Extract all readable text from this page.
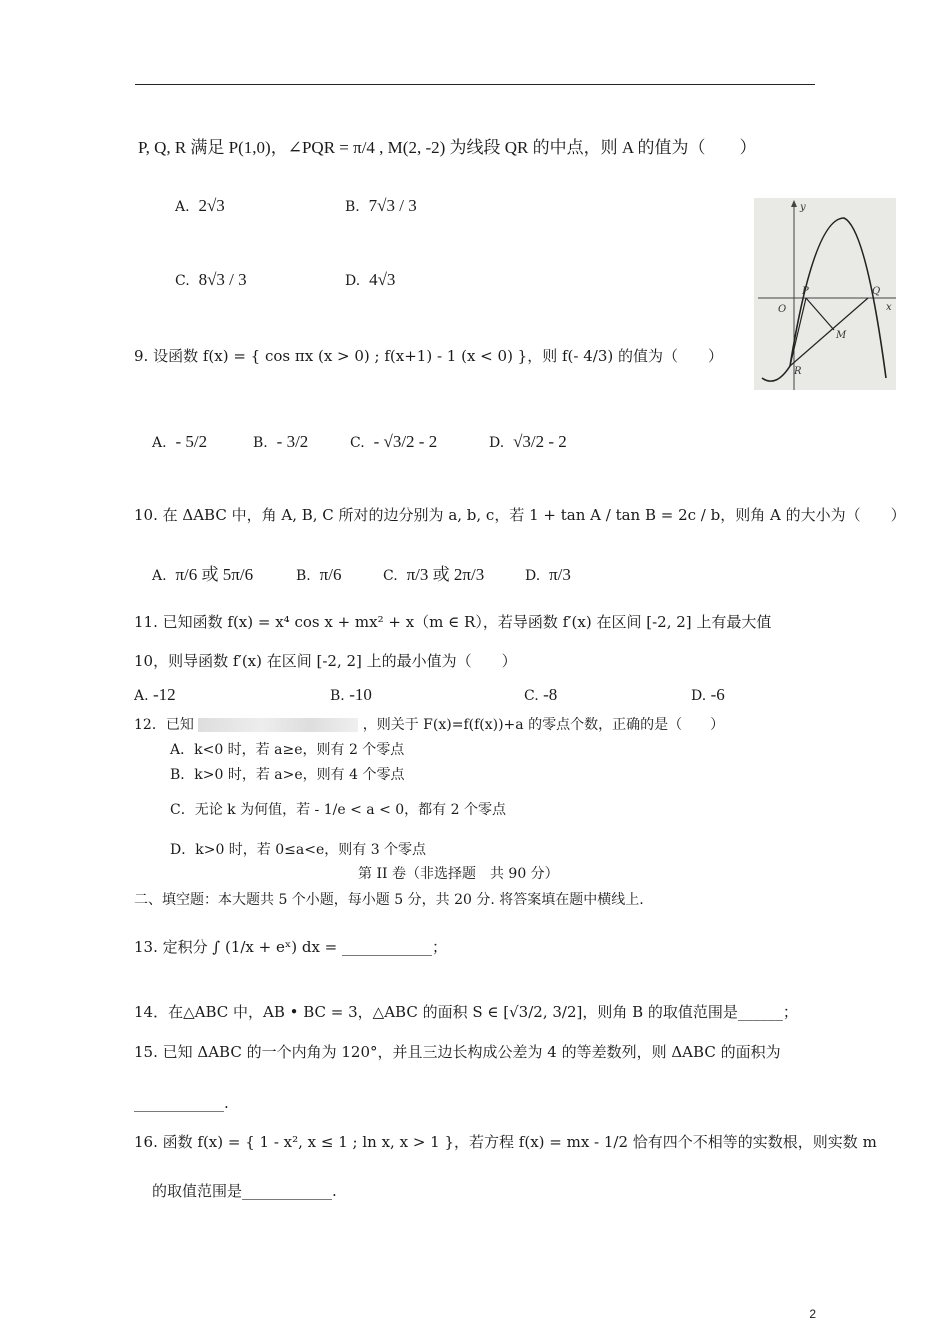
P, Q, R 满足 P(1,0)，∠PQR = π/4 , M(2, -2) 为线段 QR 的中点，则 A 的值为（　　）
A. 2√3	B. 7√3 / 3
C. 8√3 / 3	D. 4√3
y
P
O
Q
x
M
R
9. 设函数 f(x) = { cos πx (x > 0) ; f(x+1) - 1 (x < 0) }，则 f(- 4/3) 的值为（　　）
A. - 5/2	B. - 3/2	C. - √3/2 - 2	D. √3/2 - 2
10. 在 ΔABC 中，角 A, B, C 所对的边分别为 a, b, c，若 1 + tan A / tan B = 2c / b，则角 A 的大小为（　　）
A. π/6 或 5π/6	B. π/6	C. π/3 或 2π/3	D. π/3
11. 已知函数 f(x) = x⁴ cos x + mx² + x（m ∈ R），若导函数 f′(x) 在区间 [-2, 2] 上有最大值
10，则导函数 f′(x) 在区间 [-2, 2] 上的最小值为（　　）
A. -12	B. -10	C. -8	D. -6
12．已知	，则关于 F(x)=f(f(x))+a 的零点个数，正确的是（　　）
A．k<0 时，若 a≥e，则有 2 个零点
B．k>0 时，若 a>e，则有 4 个零点
C．无论 k 为何值，若 - 1/e < a < 0，都有 2 个零点
D．k>0 时，若 0≤a<e，则有 3 个零点
第 II 卷（非选择题　共 90 分）
二、填空题：本大题共 5 个小题，每小题 5 分，共 20 分. 将答案填在题中横线上.
13. 定积分 ∫ (1/x + eˣ) dx = ____________；
14．在△ABC 中，AB • BC = 3，△ABC 的面积 S ∈ [√3/2, 3/2]，则角 B 的取值范围是______；
15. 已知 ΔABC 的一个内角为 120°，并且三边长构成公差为 4 的等差数列，则 ΔABC 的面积为
____________.
16. 函数 f(x) = { 1 - x², x ≤ 1 ; ln x, x > 1 }，若方程 f(x) = mx - 1/2 恰有四个不相等的实数根，则实数 m
的取值范围是____________.
2
